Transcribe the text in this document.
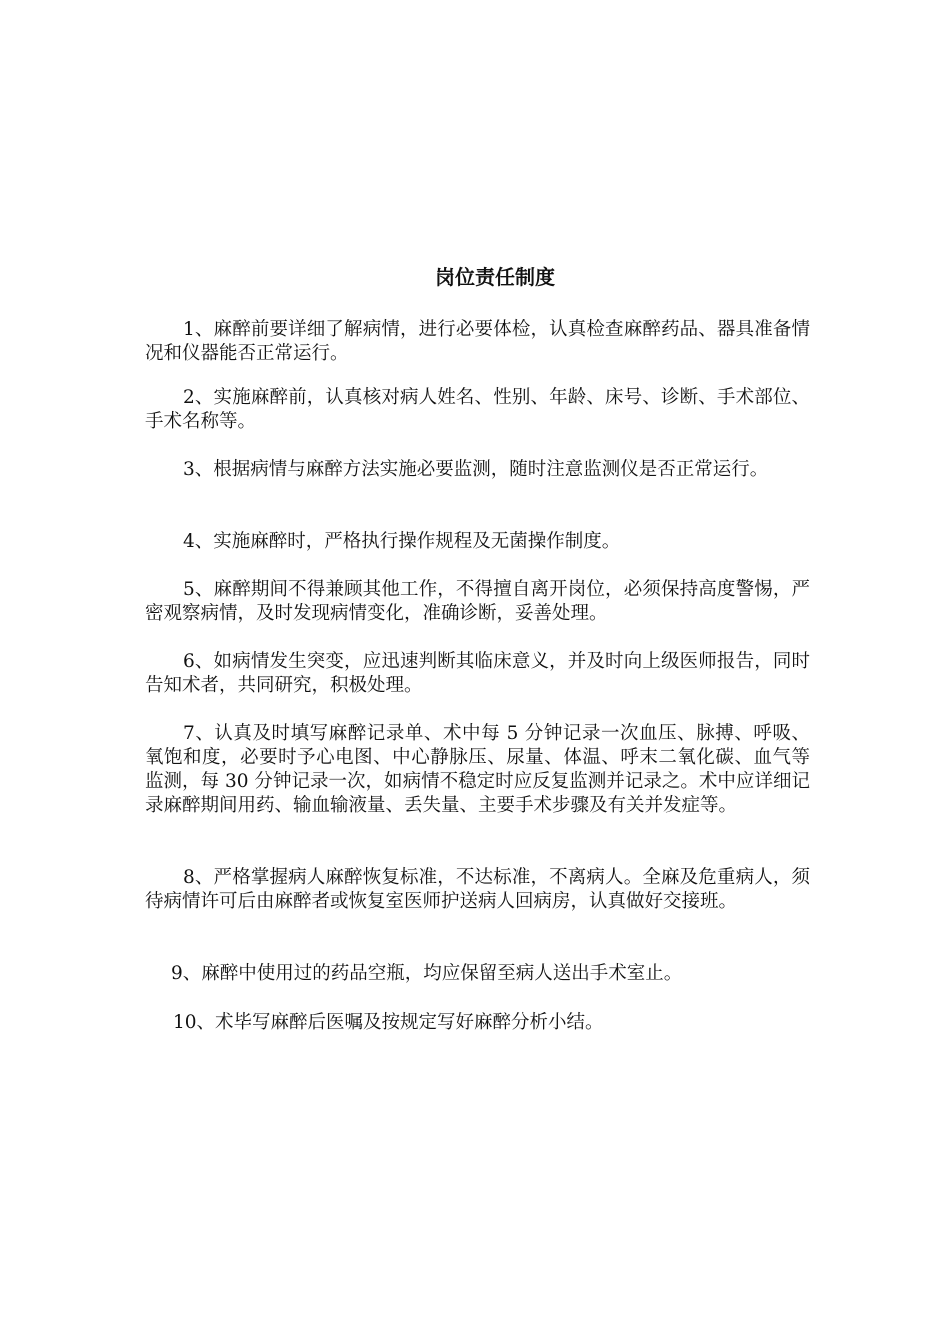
岗位责任制度

1、麻醉前要详细了解病情，进行必要体检，认真检查麻醉药品、器具准备情况和仪器能否正常运行。

2、实施麻醉前，认真核对病人姓名、性别、年龄、床号、诊断、手术部位、手术名称等。

3、根据病情与麻醉方法实施必要监测，随时注意监测仪是否正常运行。

4、实施麻醉时，严格执行操作规程及无菌操作制度。

5、麻醉期间不得兼顾其他工作，不得擅自离开岗位，必须保持高度警惕，严密观察病情，及时发现病情变化，准确诊断，妥善处理。

6、如病情发生突变，应迅速判断其临床意义，并及时向上级医师报告，同时告知术者，共同研究，积极处理。

7、认真及时填写麻醉记录单、术中每 5 分钟记录一次血压、脉搏、呼吸、氧饱和度，必要时予心电图、中心静脉压、尿量、体温、呼末二氧化碳、血气等监测，每 30 分钟记录一次，如病情不稳定时应反复监测并记录之。术中应详细记录麻醉期间用药、输血输液量、丢失量、主要手术步骤及有关并发症等。

8、严格掌握病人麻醉恢复标准，不达标准，不离病人。全麻及危重病人，须待病情许可后由麻醉者或恢复室医师护送病人回病房，认真做好交接班。

9、麻醉中使用过的药品空瓶，均应保留至病人送出手术室止。

10、术毕写麻醉后医嘱及按规定写好麻醉分析小结。
